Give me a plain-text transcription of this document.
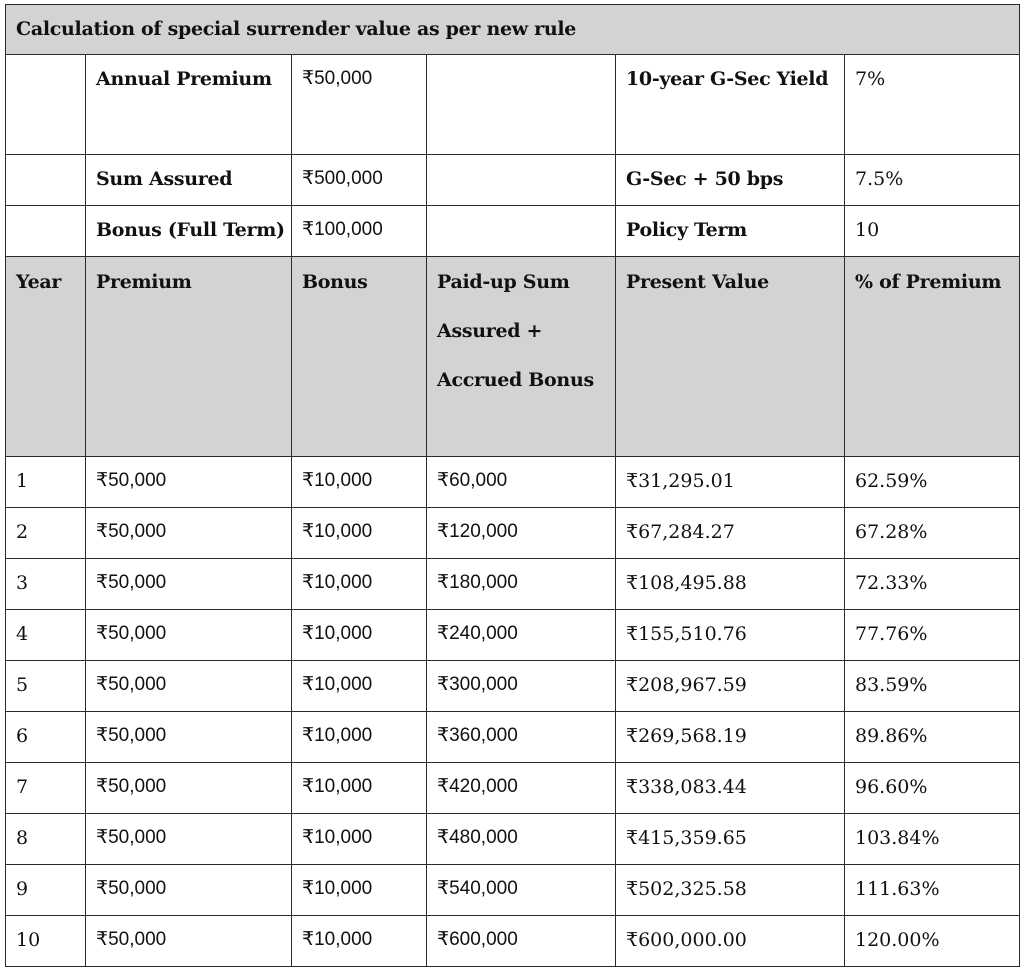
Calculation of special surrender value as per new rule					
	Annual Premium	₹50,000		10-year G-Sec Yield	7%
	Sum Assured	₹500,000		G-Sec + 50 bps	7.5%
	Bonus (Full Term)	₹100,000		Policy Term	10
Year	Premium	Bonus	Paid-up Sum Assured + Accrued Bonus	Present Value	% of Premium
1	₹50,000	₹10,000	₹60,000	₹31,295.01	62.59%
2	₹50,000	₹10,000	₹120,000	₹67,284.27	67.28%
3	₹50,000	₹10,000	₹180,000	₹108,495.88	72.33%
4	₹50,000	₹10,000	₹240,000	₹155,510.76	77.76%
5	₹50,000	₹10,000	₹300,000	₹208,967.59	83.59%
6	₹50,000	₹10,000	₹360,000	₹269,568.19	89.86%
7	₹50,000	₹10,000	₹420,000	₹338,083.44	96.60%
8	₹50,000	₹10,000	₹480,000	₹415,359.65	103.84%
9	₹50,000	₹10,000	₹540,000	₹502,325.58	111.63%
10	₹50,000	₹10,000	₹600,000	₹600,000.00	120.00%
